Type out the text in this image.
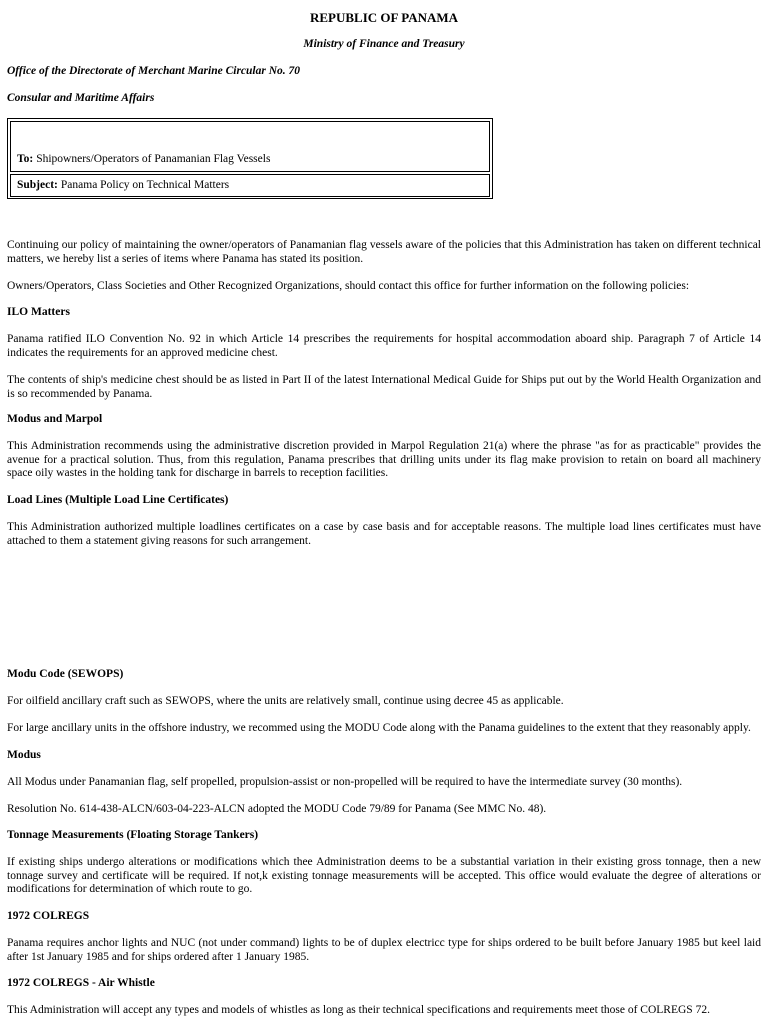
REPUBLIC OF PANAMA
Ministry of Finance and Treasury
Office of the Directorate of Merchant Marine Circular No. 70
Consular and Maritime Affairs
To: Shipowners/Operators of Panamanian Flag Vessels
Subject: Panama Policy on Technical Matters

Continuing our policy of maintaining the owner/operators of Panamanian flag vessels aware of the policies that this Administration has taken on different technical matters, we hereby list a series of items where Panama has stated its position.

Owners/Operators, Class Societies and Other Recognized Organizations, should contact this office for further information on the following policies:

ILO Matters

Panama ratified ILO Convention No. 92 in which Article 14 prescribes the requirements for hospital accommodation aboard ship. Paragraph 7 of Article 14 indicates the requirements for an approved medicine chest.

The contents of ship's medicine chest should be as listed in Part II of the latest International Medical Guide for Ships put out by the World Health Organization and is so recommended by Panama.

Modus and Marpol

This Administration recommends using the administrative discretion provided in Marpol Regulation 21(a) where the phrase "as for as practicable" provides the avenue for a practical solution. Thus, from this regulation, Panama prescribes that drilling units under its flag make provision to retain on board all machinery space oily wastes in the holding tank for discharge in barrels to reception facilities.

Load Lines (Multiple Load Line Certificates)

This Administration authorized multiple loadlines certificates on a case by case basis and for acceptable reasons. The multiple load lines certificates must have attached to them a statement giving reasons for such arrangement.

Modu Code (SEWOPS)

For oilfield ancillary craft such as SEWOPS, where the units are relatively small, continue using decree 45 as applicable.

For large ancillary units in the offshore industry, we recommed using the MODU Code along with the Panama guidelines to the extent that they reasonably apply.

Modus

All Modus under Panamanian flag, self propelled, propulsion-assist or non-propelled will be required to have the intermediate survey (30 months).

Resolution No. 614-438-ALCN/603-04-223-ALCN adopted the MODU Code 79/89 for Panama (See MMC No. 48).

Tonnage Measurements (Floating Storage Tankers)

If existing ships undergo alterations or modifications which thee Administration deems to be a substantial variation in their existing gross tonnage, then a new tonnage survey and certificate will be required. If not,k existing tonnage measurements will be accepted. This office would evaluate the degree of alterations or modifications for determination of which route to go.

1972 COLREGS

Panama requires anchor lights and NUC (not under command) lights to be of duplex electricc type for ships ordered to be built before January 1985 but keel laid after 1st January 1985 and for ships ordered after 1 January 1985.

1972 COLREGS - Air Whistle

This Administration will accept any types and models of whistles as long as their technical specifications and requirements meet those of COLREGS 72.
